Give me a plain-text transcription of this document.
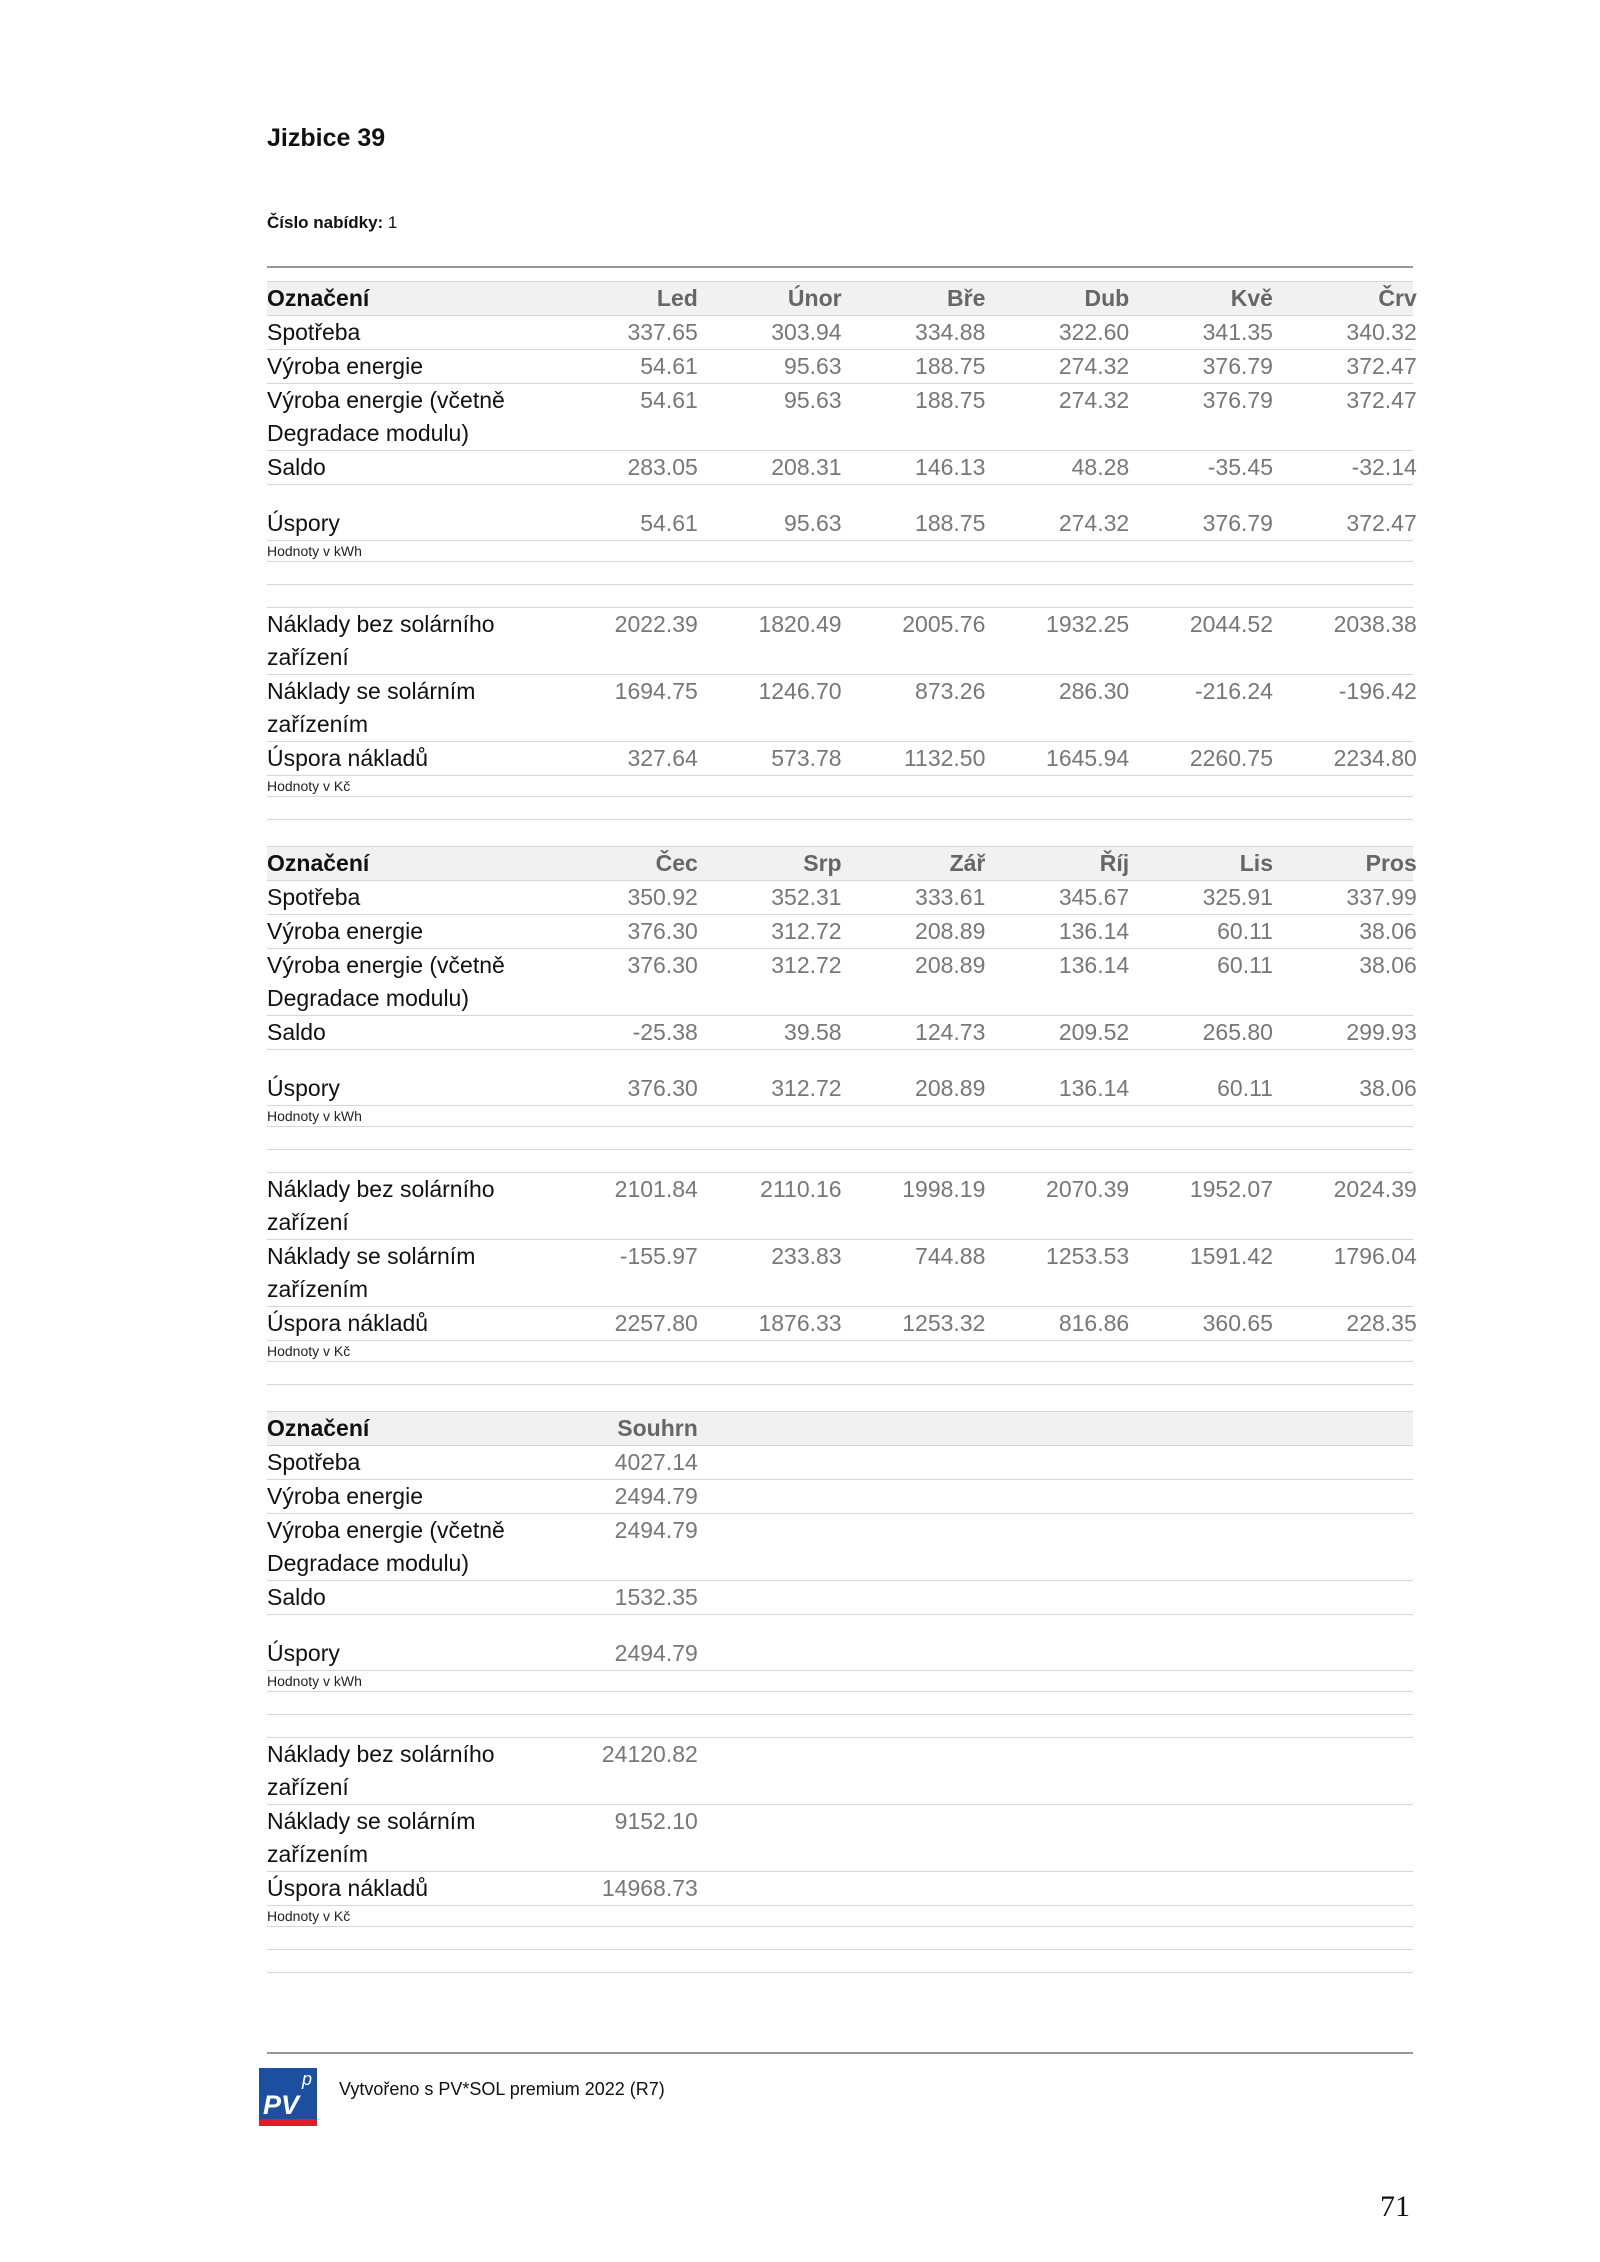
Jizbice 39
Číslo nabídky: 1
Označení	Led	Únor	Bře	Dub	Kvě	Črv
Spotřeba	337.65	303.94	334.88	322.60	341.35	340.32
Výroba energie	54.61	95.63	188.75	274.32	376.79	372.47
Výroba energie (včetně Degradace modulu)
54.61	95.63	188.75	274.32	376.79	372.47
Saldo	283.05	208.31	146.13	48.28	-35.45	-32.14
Úspory	54.61	95.63	188.75	274.32	376.79	372.47
Hodnoty v kWh
Náklady bez solárního zařízení
2022.39	1820.49	2005.76	1932.25	2044.52	2038.38
Náklady se solárním zařízením
1694.75	1246.70	873.26	286.30	-216.24	-196.42
Úspora nákladů	327.64	573.78	1132.50	1645.94	2260.75	2234.80
Hodnoty v Kč
Označení	Čec	Srp	Zář	Říj	Lis	Pros
Spotřeba	350.92	352.31	333.61	345.67	325.91	337.99
Výroba energie	376.30	312.72	208.89	136.14	60.11	38.06
Výroba energie (včetně Degradace modulu)
376.30	312.72	208.89	136.14	60.11	38.06
Saldo	-25.38	39.58	124.73	209.52	265.80	299.93
Úspory	376.30	312.72	208.89	136.14	60.11	38.06
Hodnoty v kWh
Náklady bez solárního zařízení
2101.84	2110.16	1998.19	2070.39	1952.07	2024.39
Náklady se solárním zařízením
-155.97	233.83	744.88	1253.53	1591.42	1796.04
Úspora nákladů	2257.80	1876.33	1253.32	816.86	360.65	228.35
Hodnoty v Kč
Označení	Souhrn
Spotřeba	4027.14
Výroba energie	2494.79
Výroba energie (včetně Degradace modulu)
2494.79
Saldo	1532.35
Úspory	2494.79
Hodnoty v kWh
Náklady bez solárního zařízení
24120.82
Náklady se solárním zařízením
9152.10
Úspora nákladů	14968.73
Hodnoty v Kč
p
PV
Vytvořeno s PV*SOL premium 2022 (R7)
71
